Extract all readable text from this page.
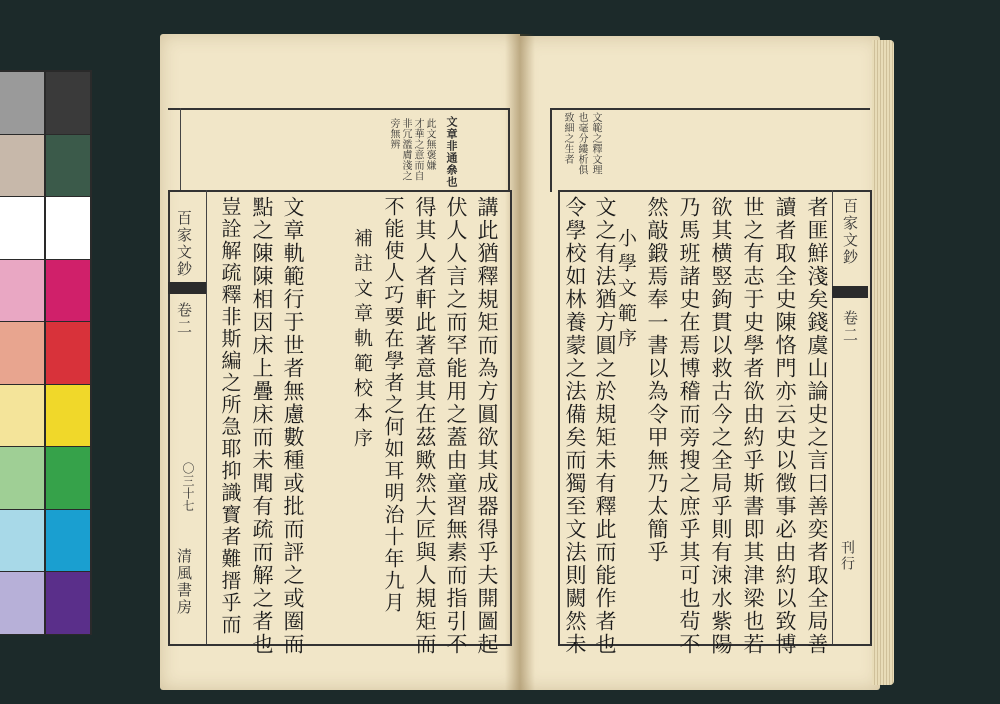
文章非通㕘也
此文無褒嫌
才華之意而自
非冗濫膚淺之
旁無辨
百家文鈔
卷二
〇三十七
清風書房	講此猶釋規矩而為方圓欲其成器得乎夫開圖起
伏人人言之而罕能用之蓋由童習無素而指引不
得其人者軒此著意其在茲歟然大匠與人規矩而
不能使人巧要在學者之何如耳明治十年九月
補註文章軌範校本序
文章軌範行于世者無慮數種或批而評之或圈而
點之陳陳相因床上疊床而未聞有疏而解之者也
豈詮解疏釋非斯編之所急耶抑識寳者難搢乎而
文範之釋文理
也毫分縷析俱
致細之生者
百家文鈔
卷二
刊行
者匪鮮淺矣錢虞山論史之言曰善奕者取全局善
讀者取全史陳恪門亦云史以徴事必由約以致博
世之有志于史學者欲由約乎斯書即其津梁也若
欲其横竪鉤貫以救古今之全局乎則有涑水紫陽
乃馬班諸史在焉博稽而旁搜之庶乎其可也茍不
然敲鍛焉奉一書以為令甲無乃太簡乎
小學文範序
文之有法猶方圓之於規矩未有釋此而能作者也
令學校如林養蒙之法備矣而獨至文法則闕然未
